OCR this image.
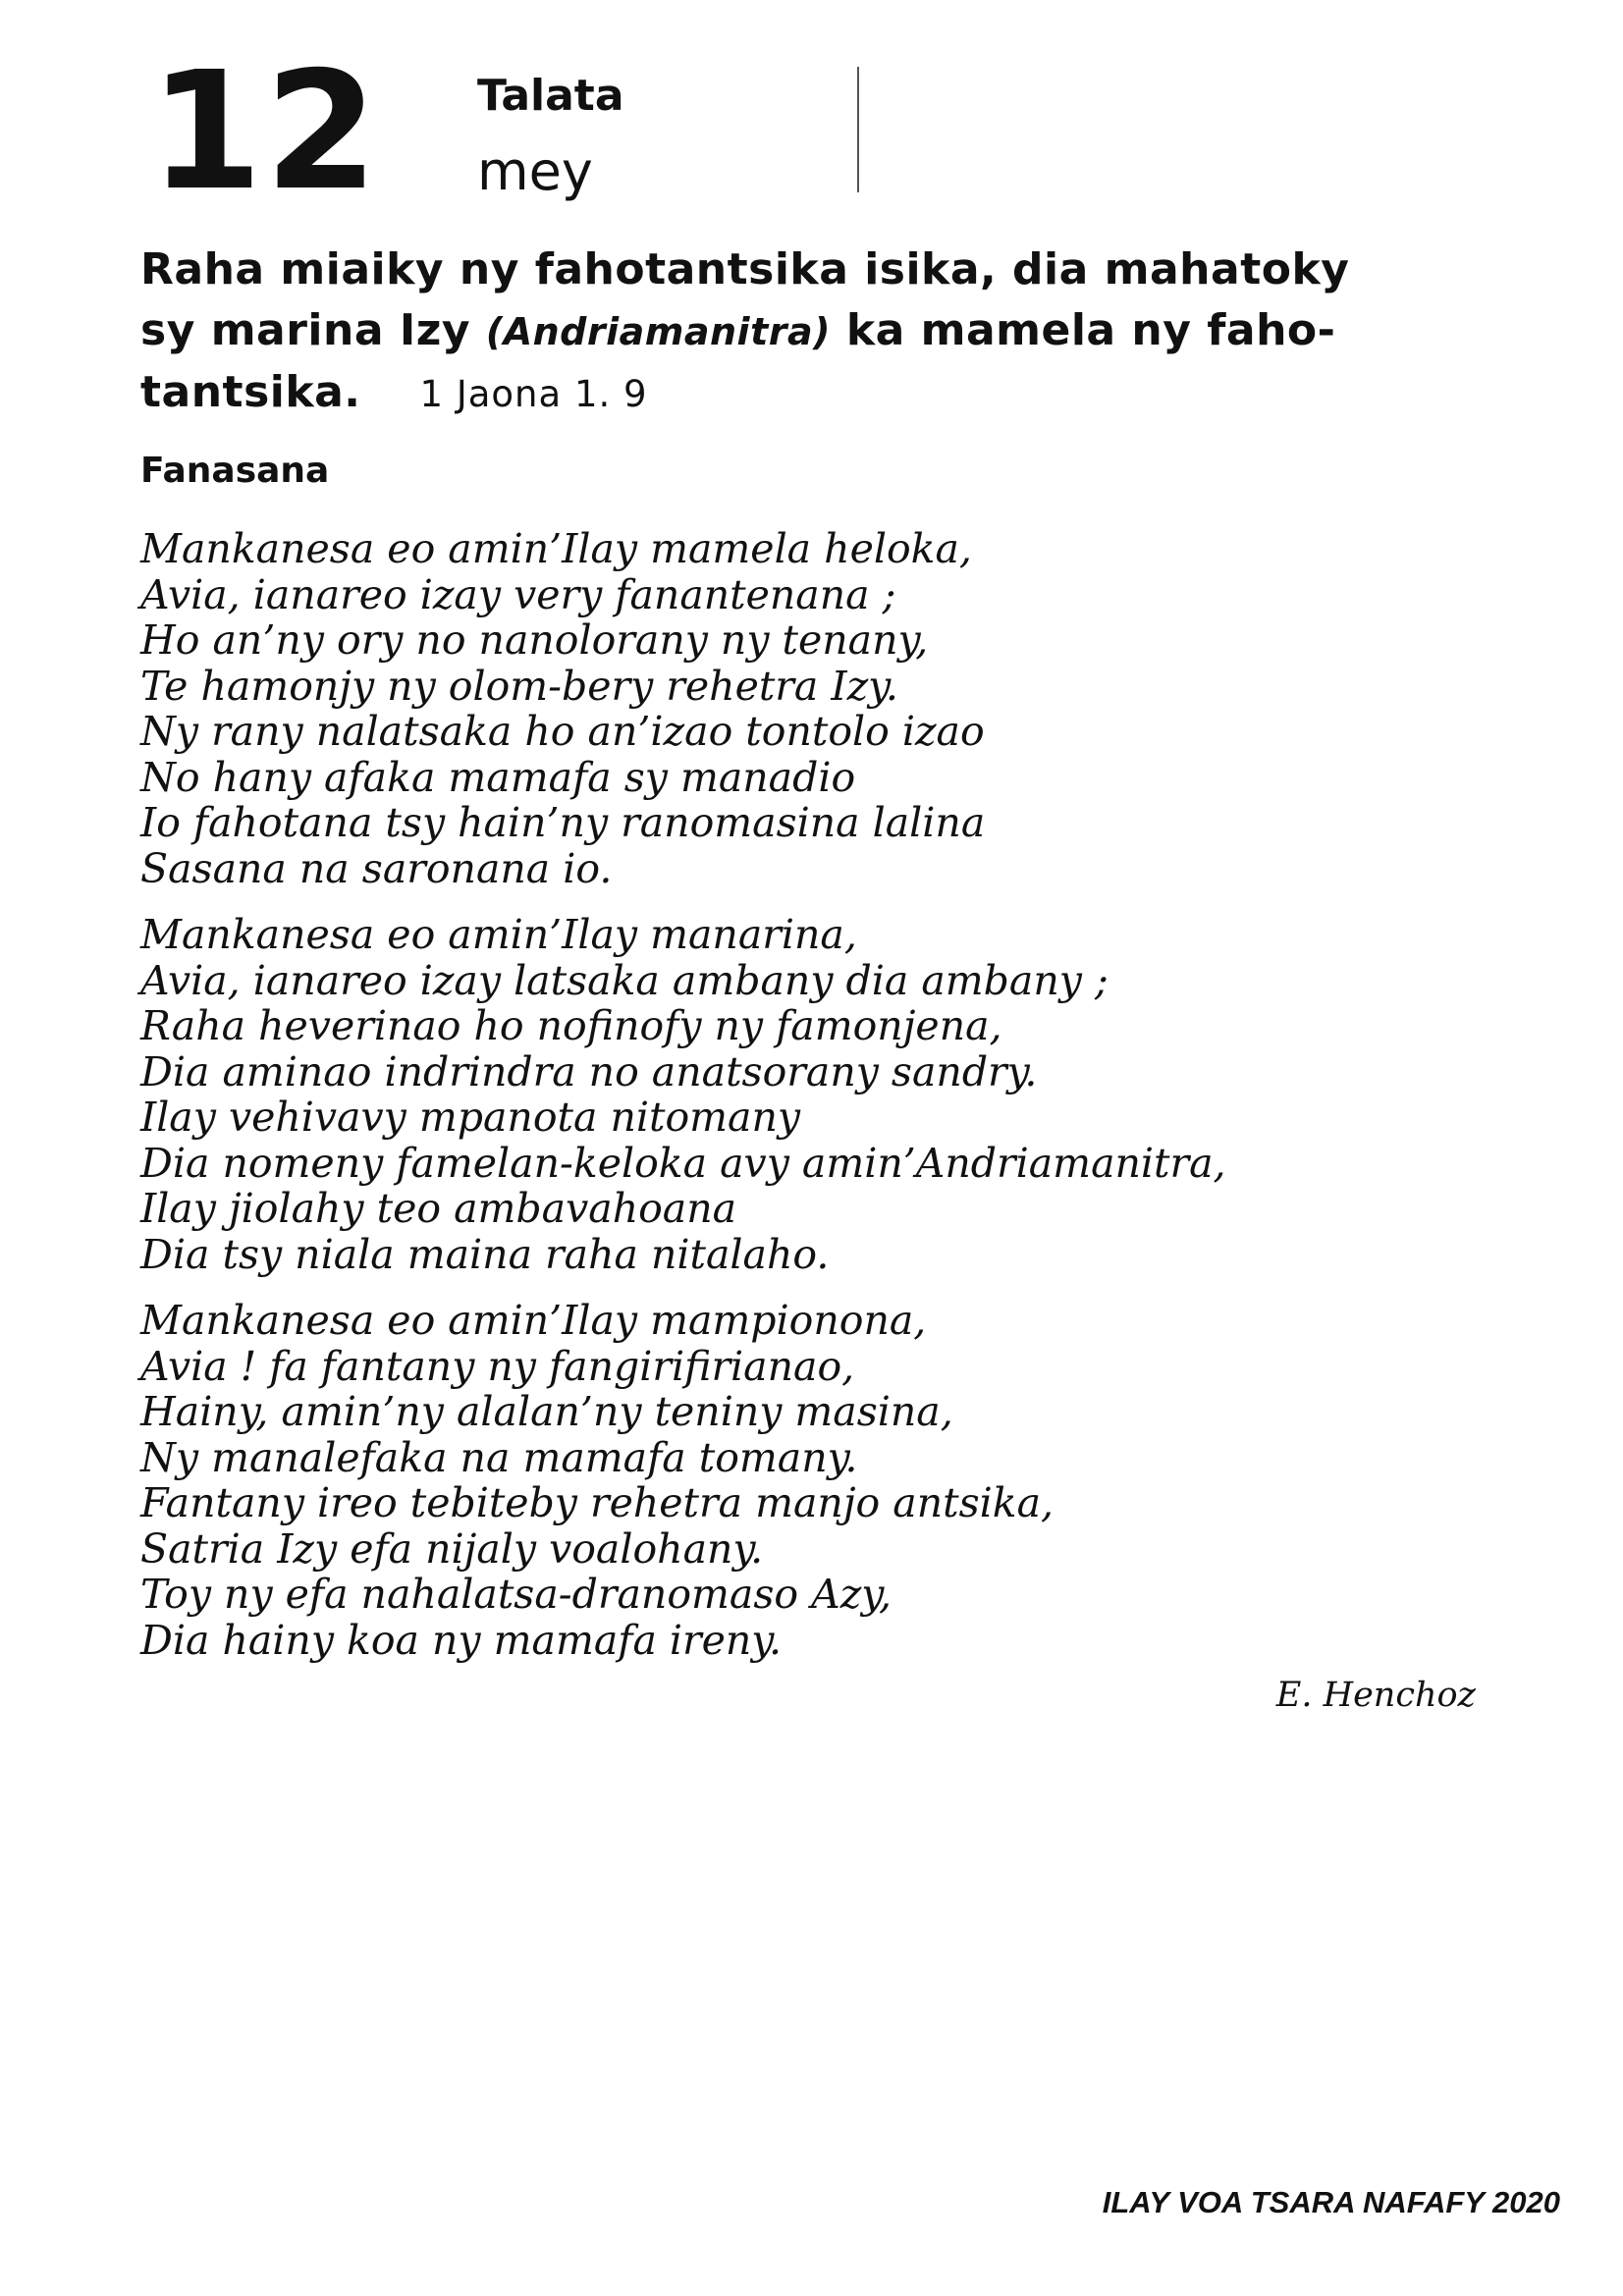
12 Talata
mey
Raha miaiky ny fahotantsika isika, dia mahatoky
sy marina Izy (Andriamanitra) ka mamela ny faho-
tantsika. 1 Jaona 1. 9
Fanasana
Mankanesa eo amin’Ilay mamela heloka,
Avia, ianareo izay very fanantenana ;
Ho an’ny ory no nanolorany ny tenany,
Te hamonjy ny olom-bery rehetra Izy.
Ny rany nalatsaka ho an’izao tontolo izao
No hany afaka mamafa sy manadio
Io fahotana tsy hain’ny ranomasina lalina
Sasana na saronana io.
Mankanesa eo amin’Ilay manarina,
Avia, ianareo izay latsaka ambany dia ambany ;
Raha heverinao ho nofinofy ny famonjena,
Dia aminao indrindra no anatsorany sandry.
Ilay vehivavy mpanota nitomany
Dia nomeny famelan-keloka avy amin’Andriamanitra,
Ilay jiolahy teo ambavahoana
Dia tsy niala maina raha nitalaho.
Mankanesa eo amin’Ilay mampionona,
Avia ! fa fantany ny fangirifirianao,
Hainy, amin’ny alalan’ny teniny masina,
Ny manalefaka na mamafa tomany.
Fantany ireo tebiteby rehetra manjo antsika,
Satria Izy efa nijaly voalohany.
Toy ny efa nahalatsa-dranomaso Azy,
Dia hainy koa ny mamafa ireny.
E. Henchoz
ILAY VOA TSARA NAFAFY 2020
